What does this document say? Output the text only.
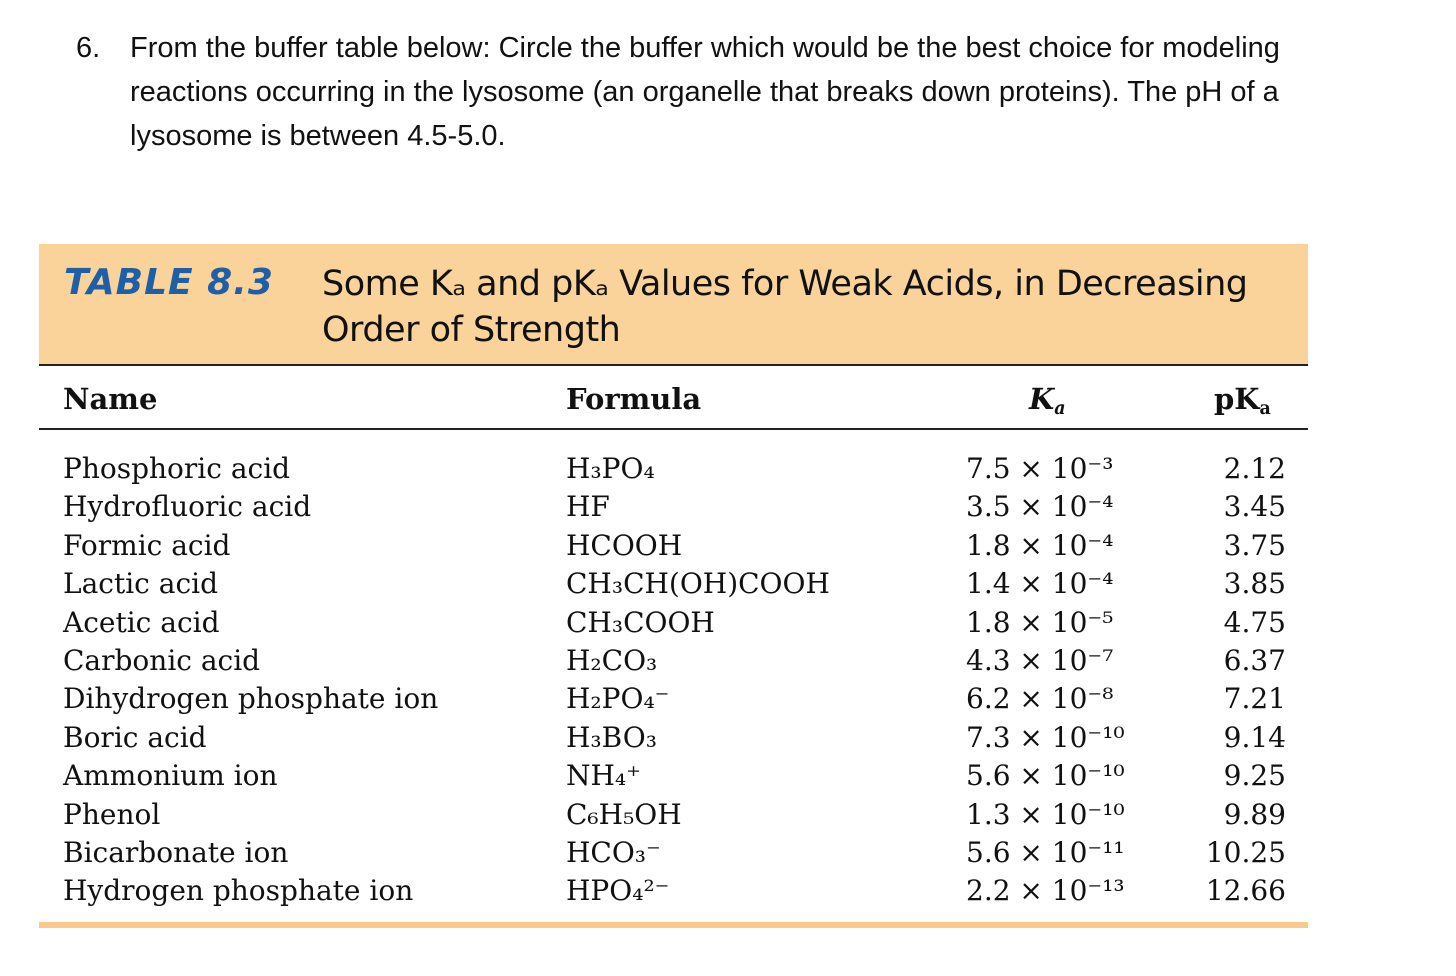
6. From the buffer table below: Circle the buffer which would be the best choice for modeling reactions occurring in the lysosome (an organelle that breaks down proteins). The pH of a lysosome is between 4.5-5.0.
TABLE 8.3 Some Kₐ and pKₐ Values for Weak Acids, in Decreasing Order of Strength
Name	Formula	$K_a$	$pK_a$
Phosphoric acid	H₃PO₄	7.5 × 10⁻³	2.12
Hydrofluoric acid	HF	3.5 × 10⁻⁴	3.45
Formic acid	HCOOH	1.8 × 10⁻⁴	3.75
Lactic acid	CH₃CH(OH)COOH	1.4 × 10⁻⁴	3.85
Acetic acid	CH₃COOH	1.8 × 10⁻⁵	4.75
Carbonic acid	H₂CO₃	4.3 × 10⁻⁷	6.37
Dihydrogen phosphate ion	H₂PO₄⁻	6.2 × 10⁻⁸	7.21
Boric acid	H₃BO₃	7.3 × 10⁻¹⁰	9.14
Ammonium ion	NH₄⁺	5.6 × 10⁻¹⁰	9.25
Phenol	C₆H₅OH	1.3 × 10⁻¹⁰	9.89
Bicarbonate ion	HCO₃⁻	5.6 × 10⁻¹¹	10.25
Hydrogen phosphate ion	HPO₄²⁻	2.2 × 10⁻¹³	12.66
